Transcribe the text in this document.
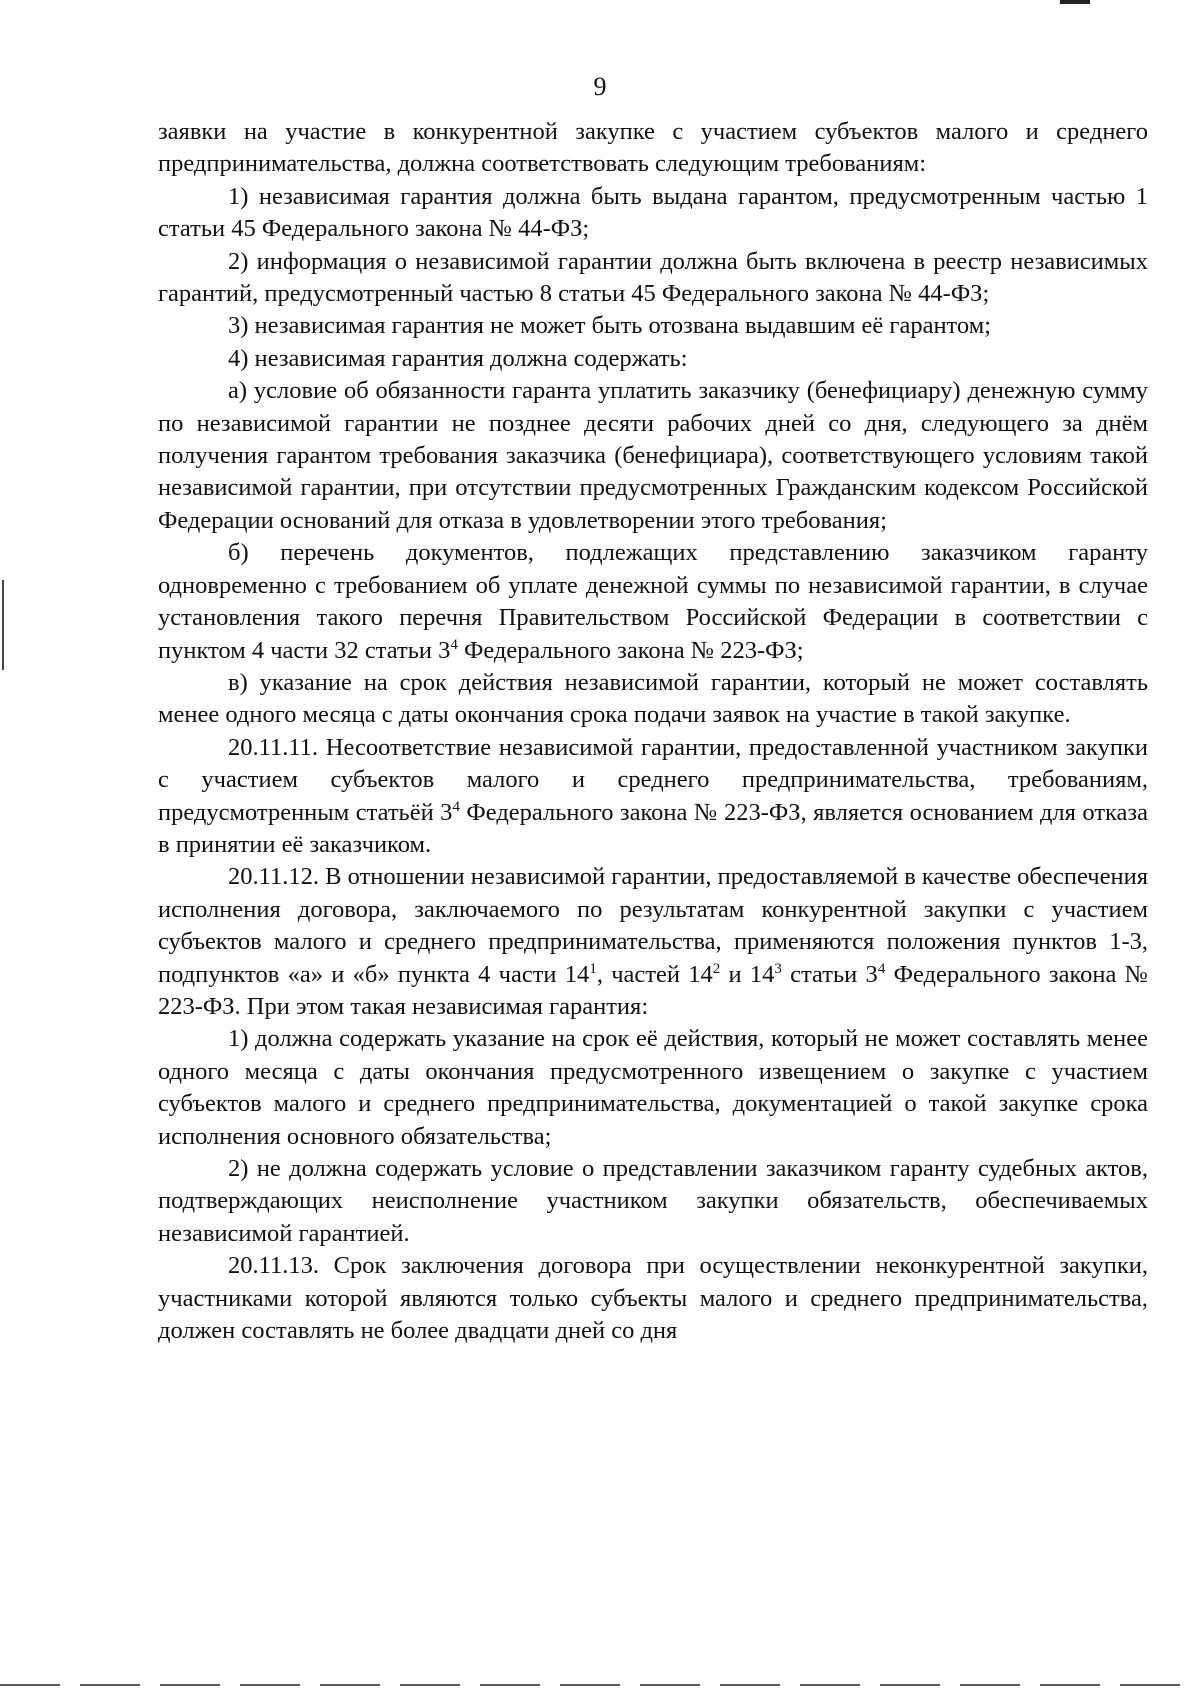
9

заявки на участие в конкурентной закупке с участием субъектов малого и среднего предпринимательства, должна соответствовать следующим требованиям:

1) независимая гарантия должна быть выдана гарантом, предусмотренным частью 1 статьи 45 Федерального закона № 44-ФЗ;

2) информация о независимой гарантии должна быть включена в реестр независимых гарантий, предусмотренный частью 8 статьи 45 Федерального закона № 44-ФЗ;

3) независимая гарантия не может быть отозвана выдавшим её гарантом;

4) независимая гарантия должна содержать:

а) условие об обязанности гаранта уплатить заказчику (бенефициару) денежную сумму по независимой гарантии не позднее десяти рабочих дней со дня, следующего за днём получения гарантом требования заказчика (бенефициара), соответствующего условиям такой независимой гарантии, при отсутствии предусмотренных Гражданским кодексом Российской Федерации оснований для отказа в удовлетворении этого требования;

б) перечень документов, подлежащих представлению заказчиком гаранту одновременно с требованием об уплате денежной суммы по независимой гарантии, в случае установления такого перечня Правительством Российской Федерации в соответствии с пунктом 4 части 32 статьи $3^4$ Федерального закона № 223-ФЗ;

в) указание на срок действия независимой гарантии, который не может составлять менее одного месяца с даты окончания срока подачи заявок на участие в такой закупке.

20.11.11. Несоответствие независимой гарантии, предоставленной участником закупки с участием субъектов малого и среднего предпринимательства, требованиям, предусмотренным статьёй $3^4$ Федерального закона № 223-ФЗ, является основанием для отказа в принятии её заказчиком.

20.11.12. В отношении независимой гарантии, предоставляемой в качестве обеспечения исполнения договора, заключаемого по результатам конкурентной закупки с участием субъектов малого и среднего предпринимательства, применяются положения пунктов 1-3, подпунктов «а» и «б» пункта 4 части $14^1$, частей $14^2$ и $14^3$ статьи $3^4$ Федерального закона № 223-ФЗ. При этом такая независимая гарантия:

1) должна содержать указание на срок её действия, который не может составлять менее одного месяца с даты окончания предусмотренного извещением о закупке с участием субъектов малого и среднего предпринимательства, документацией о такой закупке срока исполнения основного обязательства;

2) не должна содержать условие о представлении заказчиком гаранту судебных актов, подтверждающих неисполнение участником закупки обязательств, обеспечиваемых независимой гарантией.

20.11.13. Срок заключения договора при осуществлении неконкурентной закупки, участниками которой являются только субъекты малого и среднего предпринимательства, должен составлять не более двадцати дней со дня
